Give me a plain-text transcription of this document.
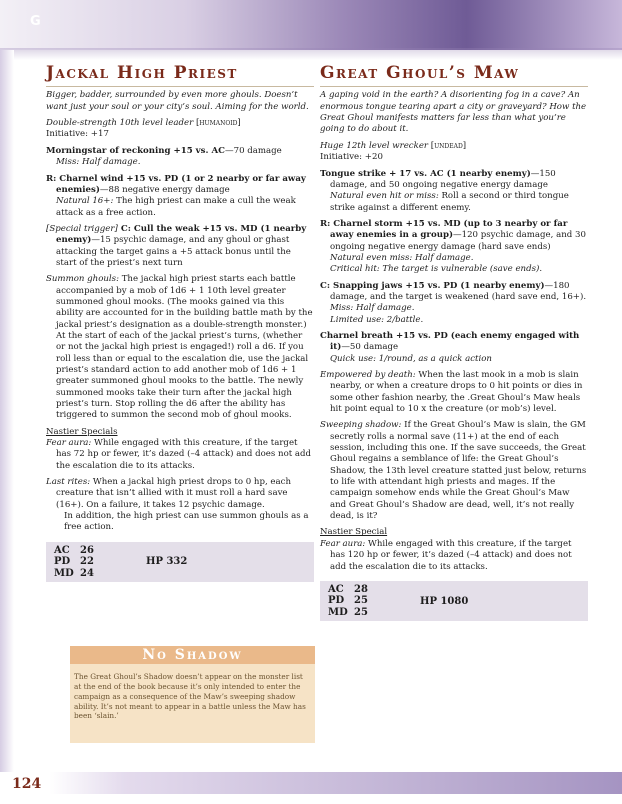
G
Jackal High Priest

Bigger, badder, surrounded by even more ghouls. Doesn’t want just your soul or your city’s soul. Aiming for the world.

Double-strength 10th level leader [humanoid]

Initiative: +17

Morningstar of reckoning +15 vs. AC—70 damage
Miss: Half damage.

R: Charnel wind +15 vs. PD (1 or 2 nearby or far away enemies)—88 negative energy damage
Natural 16+: The high priest can make a cull the weak attack as a free action.

[Special trigger] C: Cull the weak +15 vs. MD (1 nearby enemy)—15 psychic damage, and any ghoul or ghast attacking the target gains a +5 attack bonus until the start of the priest’s next turn

Summon ghouls: The jackal high priest starts each battle accompanied by a mob of 1d6 + 1 10th level greater summoned ghoul mooks. (The mooks gained via this ability are accounted for in the building battle math by the jackal priest’s designation as a double-strength monster.) At the start of each of the jackal priest’s turns, (whether or not the jackal high priest is engaged!) roll a d6. If you roll less than or equal to the escalation die, use the jackal priest’s standard action to add another mob of 1d6 + 1 greater summoned ghoul mooks to the battle. The newly summoned mooks take their turn after the jackal high priest’s turn. Stop rolling the d6 after the ability has triggered to summon the second mob of ghoul mooks.

Nastier Specials

Fear aura: While engaged with this creature, if the target has 72 hp or fewer, it’s dazed (–4 attack) and does not add the escalation die to its attacks.

Last rites: When a jackal high priest drops to 0 hp, each creature that isn’t allied with it must roll a hard save (16+). On a failure, it takes 12 psychic damage.

In addition, the high priest can use summon ghouls as a free action.

AC	26
PD 22
MD 24
HP 332
Great Ghoul’s Maw

A gaping void in the earth? A disorienting fog in a cave? An enormous tongue tearing apart a city or graveyard? How the Great Ghoul manifests matters far less than what you’re going to do about it.

Huge 12th level wrecker [undead]

Initiative: +20

Tongue strike + 17 vs. AC (1 nearby enemy)—150 damage, and 50 ongoing negative energy damage
Natural even hit or miss: Roll a second or third tongue strike against a different enemy.

R: Charnel storm +15 vs. MD (up to 3 nearby or far away enemies in a group)—120 psychic damage, and 30 ongoing negative energy damage (hard save ends)
Natural even miss: Half damage.
Critical hit: The target is vulnerable (save ends).

C: Snapping jaws +15 vs. PD (1 nearby enemy)—180 damage, and the target is weakened (hard save end, 16+).
Miss: Half damage.
Limited use: 2/battle.

Charnel breath +15 vs. PD (each enemy engaged with it)—50 damage
Quick use: 1/round, as a quick action

Empowered by death: When the last mook in a mob is slain nearby, or when a creature drops to 0 hit points or dies in some other fashion nearby, the .Great Ghoul’s Maw heals hit point equal to 10 x the creature (or mob’s) level.

Sweeping shadow: If the Great Ghoul’s Maw is slain, the GM secretly rolls a normal save (11+) at the end of each session, including this one. If the save succeeds, the Great Ghoul regains a semblance of life: the Great Ghoul’s Shadow, the 13th level creature statted just below, returns to life with attendant high priests and mages. If the campaign somehow ends while the Great Ghoul’s Maw and Great Ghoul’s Shadow are dead, well, it’s not really dead, is it?

Nastier Special

Fear aura: While engaged with this creature, if the target has 120 hp or fewer, it’s dazed (–4 attack) and does not add the escalation die to its attacks.

AC	28
PD 25
MD 25
HP 1080
No Shadow
The Great Ghoul’s Shadow doesn’t appear on the monster list at the end of the book because it’s only intended to enter the campaign as a consequence of the Maw’s sweeping shadow ability. It’s not meant to appear in a battle unless the Maw has been ‘slain.’
124
